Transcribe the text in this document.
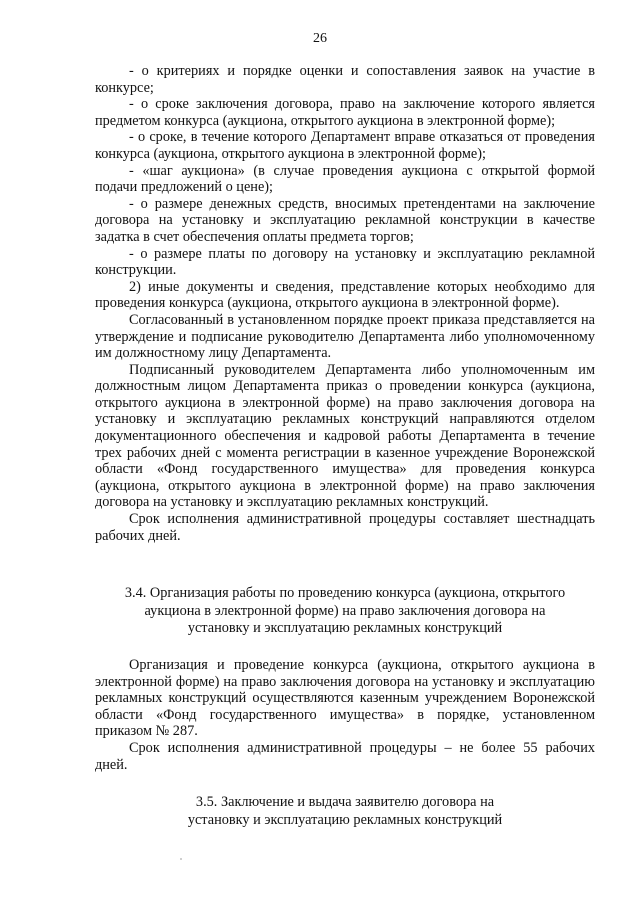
26

- о критериях и порядке оценки и сопоставления заявок на участие в конкурсе;

- о сроке заключения договора, право на заключение которого является предметом конкурса (аукциона, открытого аукциона в электронной форме);

- о сроке, в течение которого Департамент вправе отказаться от проведения конкурса (аукциона, открытого аукциона в электронной форме);

- «шаг аукциона» (в случае проведения аукциона с открытой формой подачи предложений о цене);

- о размере денежных средств, вносимых претендентами на заключение договора на установку и эксплуатацию рекламной конструкции в качестве задатка в счет обеспечения оплаты предмета торгов;

- о размере платы по договору на установку и эксплуатацию рекламной конструкции.

2) иные документы и сведения, представление которых необходимо для проведения конкурса (аукциона, открытого аукциона в электронной форме).

Согласованный в установленном порядке проект приказа представляется на утверждение и подписание руководителю Департамента либо уполномоченному им должностному лицу Департамента.

Подписанный руководителем Департамента либо уполномоченным им должностным лицом Департамента приказ о проведении конкурса (аукциона, открытого аукциона в электронной форме) на право заключения договора на установку и эксплуатацию рекламных конструкций направляются отделом документационного обеспечения и кадровой работы Департамента в течение трех рабочих дней с момента регистрации в казенное учреждение Воронежской области «Фонд государственного имущества» для проведения конкурса (аукциона, открытого аукциона в электронной форме) на право заключения договора на установку и эксплуатацию рекламных конструкций.

Срок исполнения административной процедуры составляет шестнадцать рабочих дней.

3.4. Организация работы по проведению конкурса (аукциона, открытого
аукциона в электронной форме) на право заключения договора на
установку и эксплуатацию рекламных конструкций

Организация и проведение конкурса (аукциона, открытого аукциона в электронной форме) на право заключения договора на установку и эксплуатацию рекламных конструкций осуществляются казенным учреждением Воронежской области «Фонд государственного имущества» в порядке, установленном приказом № 287.

Срок исполнения административной процедуры – не более 55 рабочих дней.

3.5. Заключение и выдача заявителю договора на
установку и эксплуатацию рекламных конструкций
